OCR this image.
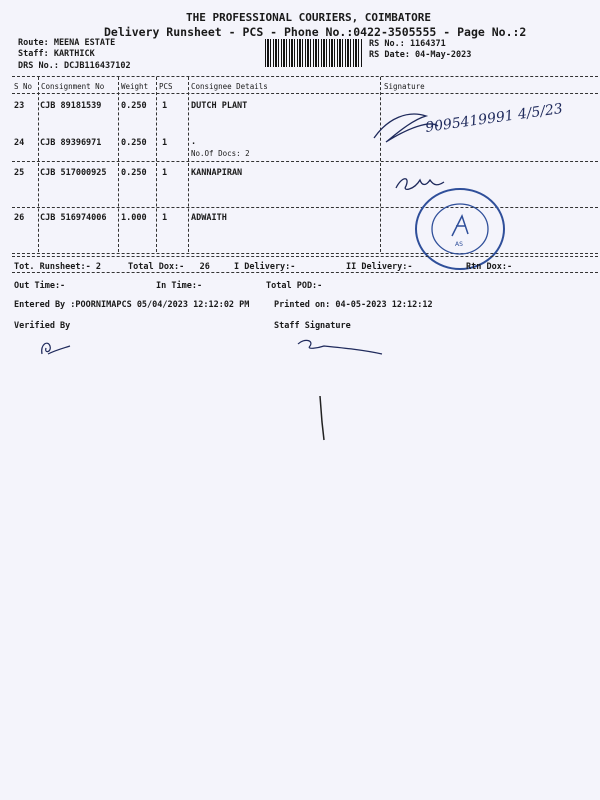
THE PROFESSIONAL COURIERS, COIMBATORE
Delivery Runsheet - PCS - Phone No.:0422-3505555 - Page No.:2
Route: MEENA ESTATE
Staff: KARTHICK
DRS No.: DCJB116437102
RS No.: 1164371
RS Date: 04-May-2023
S No Consignment No Weight PCS Consignee Details	Signature
23 CJB 89181539 0.250 1	DUTCH PLANT
24 CJB 89396971 0.250 1	.
No.Of Docs: 2
25 CJB 517000925 0.250 1	KANNAPIRAN
26 CJB 516974006 1.000 1	ADWAITH
9095419991 4/5/23
AS
Tot. Runsheet:- 2	Total Dox:-   26	I Delivery:-	II Delivery:-	Rtn Dox:-
Out Time:-	In Time:-	Total POD:-
Entered By :POORNIMAPCS 05/04/2023 12:12:02 PM	Printed on: 04-05-2023 12:12:12
Verified By	Staff Signature
